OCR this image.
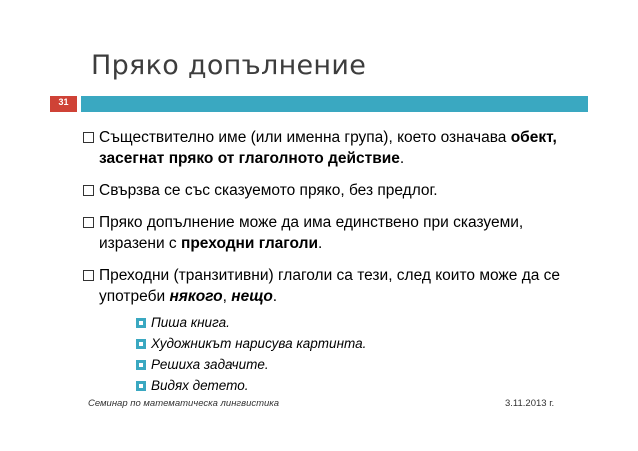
Пряко допълнение
31
Съществително име (или именна група), което означава обект, засегнат пряко от глаголното действие.
Свързва се със сказуемото пряко, без предлог.
Пряко допълнение може да има единствено при сказуеми, изразени с преходни глаголи.
Преходни (транзитивни) глаголи са тези, след които може да се употреби някого, нещо.
Пиша книга.
Художникът нарисува картинта.
Решиха задачите.
Видях детето.
Семинар по математическа лингвистика	3.11.2013 г.
